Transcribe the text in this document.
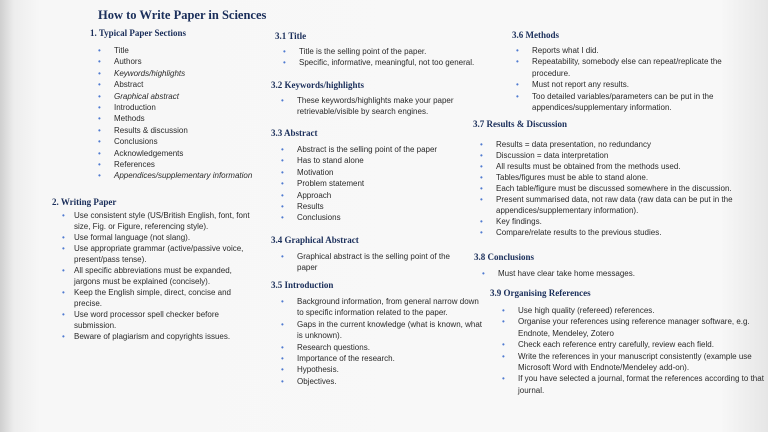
How to Write Paper in Sciences
1. Typical Paper Sections
• Title
• Authors
• Keywords/highlights
• Abstract
• Graphical abstract
• Introduction
• Methods
• Results & discussion
• Conclusions
• Acknowledgements
• References
• Appendices/supplementary information
2. Writing Paper
• Use consistent style (US/British English, font, font size, Fig. or Figure, referencing style).
• Use formal language (not slang).
• Use appropriate grammar (active/passive voice, present/pass tense).
• All specific abbreviations must be expanded, jargons must be explained (concisely).
• Keep the English simple, direct, concise and precise.
• Use word processor spell checker before submission.
• Beware of plagiarism and copyrights issues.
3.1 Title
• Title is the selling point of the paper.
• Specific, informative, meaningful, not too general.
3.2 Keywords/highlights
• These keywords/highlights make your paper retrievable/visible by search engines.
3.3 Abstract
• Abstract is the selling point of the paper
• Has to stand alone
• Motivation
• Problem statement
• Approach
• Results
• Conclusions
3.4 Graphical Abstract
• Graphical abstract is the selling point of the paper
3.5 Introduction
• Background information, from general narrow down to specific information related to the paper.
• Gaps in the current knowledge (what is known, what is unknown).
• Research questions.
• Importance of the research.
• Hypothesis.
• Objectives.
3.6 Methods
• Reports what I did.
• Repeatability, somebody else can repeat/replicate the procedure.
• Must not report any results.
• Too detailed variables/parameters can be put in the appendices/supplementary information.
3.7 Results & Discussion
• Results = data presentation, no redundancy
• Discussion = data interpretation
• All results must be obtained from the methods used.
• Tables/figures must be able to stand alone.
• Each table/figure must be discussed somewhere in the discussion.
• Present summarised data, not raw data (raw data can be put in the appendices/supplementary information).
• Key findings.
• Compare/relate results to the previous studies.
3.8 Conclusions
• Must have clear take home messages.
3.9 Organising References
• Use high quality (refereed) references.
• Organise your references using reference manager software, e.g. Endnote, Mendeley, Zotero
• Check each reference entry carefully, review each field.
• Write the references in your manuscript consistently (example use Microsoft Word with Endnote/Mendeley add-on).
• If you have selected a journal, format the references according to that journal.
